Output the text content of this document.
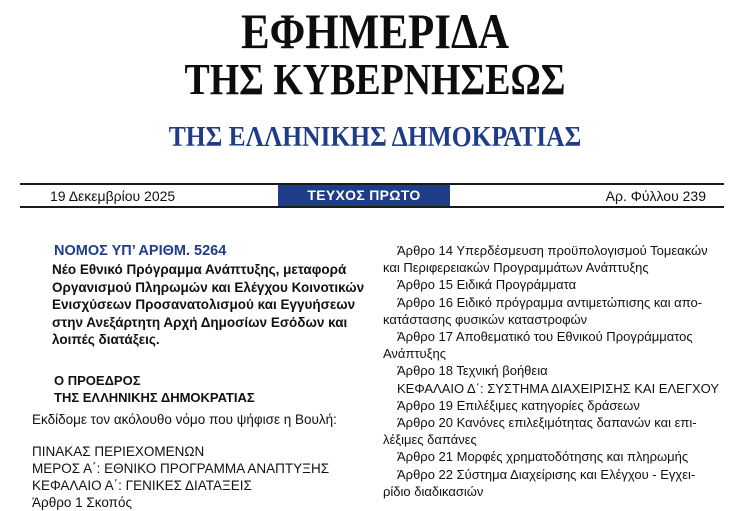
ΕΦΗΜΕΡΙΔΑ
ΤΗΣ ΚΥΒΕΡΝΗΣΕΩΣ
ΤΗΣ ΕΛΛΗΝΙΚΗΣ ΔΗΜΟΚΡΑΤΙΑΣ
19 Δεκεμβρίου 2025	ΤΕΥΧΟΣ ΠΡΩΤΟ	Αρ. Φύλλου 239
ΝΟΜΟΣ ΥΠ’ ΑΡΙΘΜ. 5264
Νέο Εθνικό Πρόγραμμα Ανάπτυξης, μεταφορά Οργανισμού Πληρωμών και Ελέγχου Κοινοτικών Ενισχύσεων Προσανατολισμού και Εγγυήσεων στην Ανεξάρτητη Αρχή Δημοσίων Εσόδων και λοιπές διατάξεις.
Ο ΠΡΟΕΔΡΟΣ
ΤΗΣ ΕΛΛΗΝΙΚΗΣ ΔΗΜΟΚΡΑΤΙΑΣ
Εκδίδομε τον ακόλουθο νόμο που ψήφισε η Βουλή:
ΠΙΝΑΚΑΣ ΠΕΡΙΕΧΟΜΕΝΩΝ
ΜΕΡΟΣ Α΄: ΕΘΝΙΚΟ ΠΡΟΓΡΑΜΜΑ ΑΝΑΠΤΥΞΗΣ
ΚΕΦΑΛΑΙΟ Α΄: ΓΕΝΙΚΕΣ ΔΙΑΤΑΞΕΙΣ
Άρθρο 1 Σκοπός
Άρθρο 14 Υπερδέσμευση προϋπολογισμού Τομεακών
και Περιφερειακών Προγραμμάτων Ανάπτυξης
Άρθρο 15 Ειδικά Προγράμματα
Άρθρο 16 Ειδικό πρόγραμμα αντιμετώπισης και απο-
κατάστασης φυσικών καταστροφών
Άρθρο 17 Αποθεματικό του Εθνικού Προγράμματος
Ανάπτυξης
Άρθρο 18 Τεχνική βοήθεια
ΚΕΦΑΛΑΙΟ Δ΄: ΣΥΣΤΗΜΑ ΔΙΑΧΕΙΡΙΣΗΣ ΚΑΙ ΕΛΕΓΧΟΥ
Άρθρο 19 Επιλέξιμες κατηγορίες δράσεων
Άρθρο 20 Κανόνες επιλεξιμότητας δαπανών και επι-
λέξιμες δαπάνες
Άρθρο 21 Μορφές χρηματοδότησης και πληρωμής
Άρθρο 22 Σύστημα Διαχείρισης και Ελέγχου - Εγχει-
ρίδιο διαδικασιών
